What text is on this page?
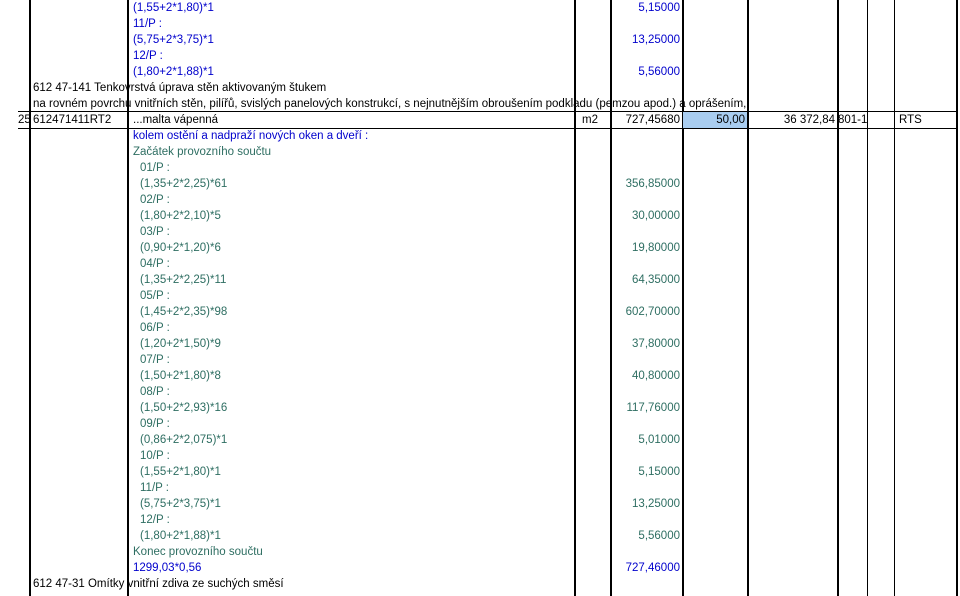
(1,55+2*1,80)*1	5,15000
11/P :
(5,75+2*3,75)*1	13,25000
12/P :
(1,80+2*1,88)*1	5,56000
612 47-141 Tenkovrstvá úprava stěn aktivovaným štukem
na rovném povrchu vnitřních stěn, pilířů, svislých panelových konstrukcí, s nejnutnějším obroušením podkladu (pemzou apod.) a oprášením,
25 612471411RT2 ...malta vápenná	m2	727,45680	50,00	36 372,84 801-1	RTS
kolem ostění a nadpraží nových oken a dveří :
Začátek provozního součtu
01/P :
(1,35+2*2,25)*61	356,85000
02/P :
(1,80+2*2,10)*5	30,00000
03/P :
(0,90+2*1,20)*6	19,80000
04/P :
(1,35+2*2,25)*11	64,35000
05/P :
(1,45+2*2,35)*98	602,70000
06/P :
(1,20+2*1,50)*9	37,80000
07/P :
(1,50+2*1,80)*8	40,80000
08/P :
(1,50+2*2,93)*16	117,76000
09/P :
(0,86+2*2,075)*1	5,01000
10/P :
(1,55+2*1,80)*1	5,15000
11/P :
(5,75+2*3,75)*1	13,25000
12/P :
(1,80+2*1,88)*1	5,56000
Konec provozního součtu
1299,03*0,56	727,46000
612 47-31 Omítky vnitřní zdiva ze suchých směsí
